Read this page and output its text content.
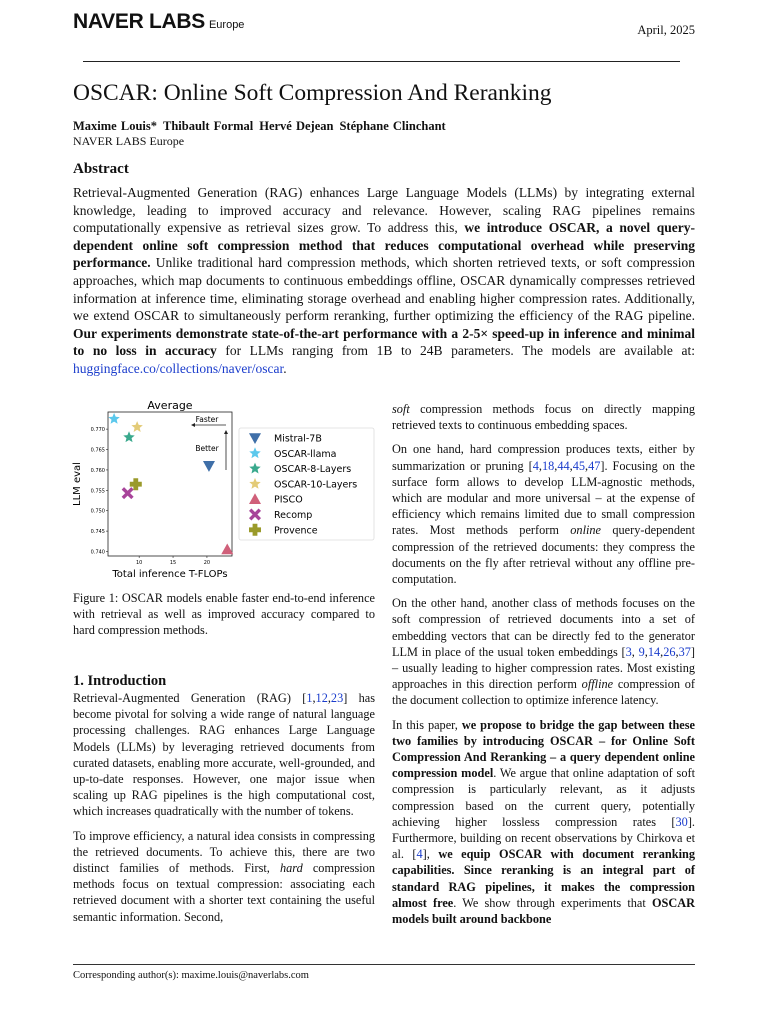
NAVER LABS Europe	April, 2025
OSCAR: Online Soft Compression And Reranking
Maxime Louis* Thibault Formal Hervé Dejean Stéphane Clinchant
NAVER LABS Europe
Abstract
Retrieval-Augmented Generation (RAG) enhances Large Language Models (LLMs) by integrating external knowledge, leading to improved accuracy and relevance. However, scaling RAG pipelines remains computationally expensive as retrieval sizes grow. To address this, we introduce OSCAR, a novel query-dependent online soft compression method that reduces computational overhead while preserving performance. Unlike traditional hard compression methods, which shorten retrieved texts, or soft compression approaches, which map documents to continuous embeddings offline, OSCAR dynamically compresses retrieved information at inference time, eliminating storage overhead and enabling higher compression rates. Additionally, we extend OSCAR to simultaneously perform reranking, further optimizing the efficiency of the RAG pipeline. Our experiments demonstrate state-of-the-art performance with a 2-5× speed-up in inference and minimal to no loss in accuracy for LLMs ranging from 1B to 24B parameters. The models are available at: huggingface.co/collections/naver/oscar.
Average
Total inference T-FLOPs
LLM eval
10	15	20
0.740
0.745
0.750
0.755
0.760
0.765
0.770
Faster
Better
Mistral-7B
OSCAR-llama
OSCAR-8-Layers
OSCAR-10-Layers
PISCO
Recomp
Provence
Figure 1: OSCAR models enable faster end-to-end inference with retrieval as well as improved accuracy compared to hard compression methods.
1. Introduction

Retrieval-Augmented Generation (RAG) [1,12,23] has become pivotal for solving a wide range of natural language processing challenges. RAG enhances Large Language Models (LLMs) by leveraging retrieved documents from curated datasets, enabling more accurate, well-grounded, and up-to-date responses. However, one major issue when scaling up RAG pipelines is the high computational cost, which increases quadratically with the number of tokens.

To improve efficiency, a natural idea consists in compressing the retrieved documents. To achieve this, there are two distinct families of methods. First, hard compression methods focus on textual compression: associating each retrieved document with a shorter text containing the useful semantic information. Second,

soft compression methods focus on directly mapping retrieved texts to continuous embedding spaces.

On one hand, hard compression produces texts, either by summarization or pruning [4,18,44,45,47]. Focusing on the surface form allows to develop LLM-agnostic methods, which are modular and more universal – at the expense of efficiency which remains limited due to small compression rates. Most methods perform online query-dependent compression of the retrieved documents: they compress the documents on the fly after retrieval without any offline pre-computation.

On the other hand, another class of methods focuses on the soft compression of retrieved documents into a set of embedding vectors that can be directly fed to the generator LLM in place of the usual token embeddings [3, 9,14,26,37] – usually leading to higher compression rates. Most existing approaches in this direction perform offline compression of the document collection to optimize inference latency.

In this paper, we propose to bridge the gap between these two families by introducing OSCAR – for Online Soft Compression And Reranking – a query dependent online compression model. We argue that online adaptation of soft compression is particularly relevant, as it adjusts compression based on the current query, potentially achieving higher lossless compression rates [30]. Furthermore, building on recent observations by Chirkova et al. [4], we equip OSCAR with document reranking capabilities. Since reranking is an integral part of standard RAG pipelines, it makes the compression almost free. We show through experiments that OSCAR models built around backbone

Corresponding author(s): maxime.louis@naverlabs.com
